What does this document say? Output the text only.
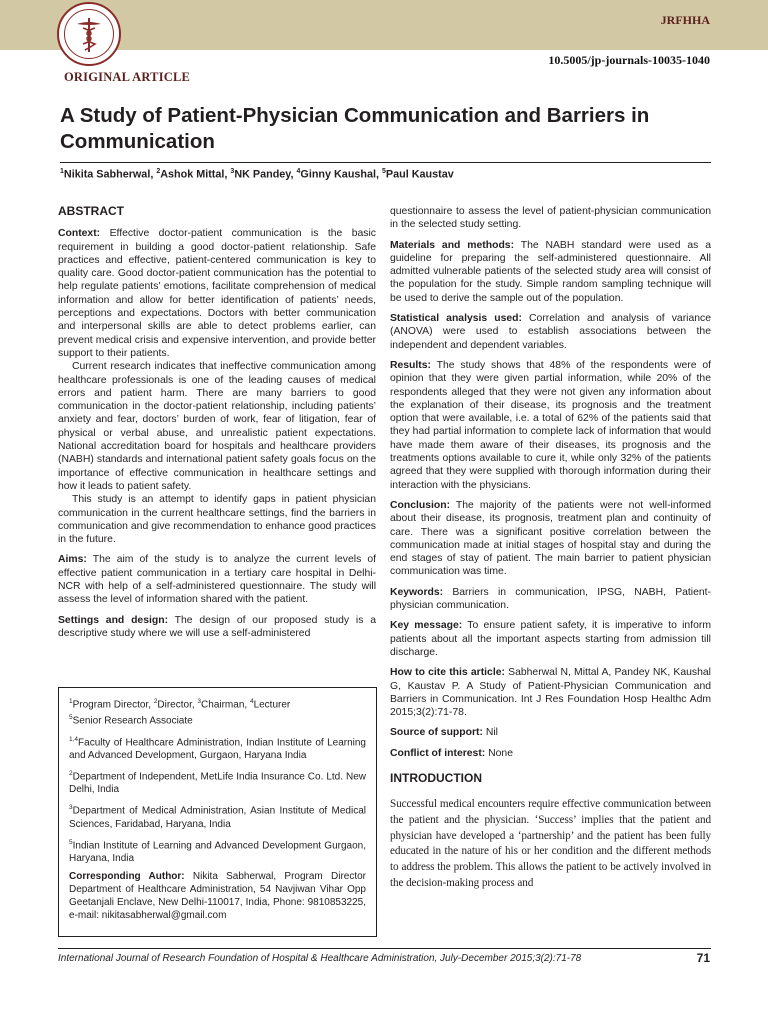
JRFHHA
10.5005/jp-journals-10035-1040
ORIGINAL ARTICLE
A Study of Patient-Physician Communication and Barriers in Communication
$^1$Nikita Sabherwal, $^2$Ashok Mittal, $^3$NK Pandey, $^4$Ginny Kaushal, $^5$Paul Kaustav

ABSTRACT

Context: Effective doctor-patient communication is the basic requirement in building a good doctor-patient relationship. Safe practices and effective, patient-centered communication is key to quality care. Good doctor-patient communication has the potential to help regulate patients’ emotions, facilitate comprehension of medical information and allow for better identification of patients’ needs, perceptions and expectations. Doctors with better communication and interpersonal skills are able to detect problems earlier, can prevent medical crisis and expensive intervention, and provide better support to their patients.

Current research indicates that ineffective communication among healthcare professionals is one of the leading causes of medical errors and patient harm. There are many barriers to good communication in the doctor-patient relationship, including patients’ anxiety and fear, doctors’ burden of work, fear of litigation, fear of physical or verbal abuse, and unrealistic patient expectations. National accreditation board for hospitals and healthcare providers (NABH) standards and international patient safety goals focus on the importance of effective communication in healthcare settings and how it leads to patient safety.

This study is an attempt to identify gaps in patient physician communication in the current healthcare settings, find the barriers in communication and give recommendation to enhance good practices in the future.

Aims: The aim of the study is to analyze the current levels of effective patient communication in a tertiary care hospital in Delhi-NCR with help of a self-administered questionnaire. The study will assess the level of information shared with the patient.

Settings and design: The design of our proposed study is a descriptive study where we will use a self-administered

$^1$Program Director, $^2$Director, $^3$Chairman, $^4$Lecturer
$^5$Senior Research Associate

$^{1,4}$Faculty of Healthcare Administration, Indian Institute of Learning and Advanced Development, Gurgaon, Haryana India

$^2$Department of Independent, MetLife India Insurance Co. Ltd. New Delhi, India

$^3$Department of Medical Administration, Asian Institute of Medical Sciences, Faridabad, Haryana, India

$^5$Indian Institute of Learning and Advanced Development Gurgaon, Haryana, India

Corresponding Author: Nikita Sabherwal, Program Director Department of Healthcare Administration, 54 Navjiwan Vihar Opp Geetanjali Enclave, New Delhi-110017, India, Phone: 9810853225, e-mail: nikitasabherwal@gmail.com

questionnaire to assess the level of patient-physician communication in the selected study setting.

Materials and methods: The NABH standard were used as a guideline for preparing the self-administered questionnaire. All admitted vulnerable patients of the selected study area will consist of the population for the study. Simple random sampling technique will be used to derive the sample out of the population.

Statistical analysis used: Correlation and analysis of variance (ANOVA) were used to establish associations between the independent and dependent variables.

Results: The study shows that 48% of the respondents were of opinion that they were given partial information, while 20% of the respondents alleged that they were not given any information about the explanation of their disease, its prognosis and the treatment option that were available, i.e. a total of 62% of the patients said that they had partial information to complete lack of information that would have made them aware of their diseases, its prognosis and the treatments options available to cure it, while only 32% of the patients agreed that they were supplied with thorough information during their interaction with the physicians.

Conclusion: The majority of the patients were not well-informed about their disease, its prognosis, treatment plan and continuity of care. There was a significant positive correlation between the communication made at initial stages of hospital stay and during the end stages of stay of patient. The main barrier to patient physician communication was time.

Keywords: Barriers in communication, IPSG, NABH, Patient-physician communication.

Key message: To ensure patient safety, it is imperative to inform patients about all the important aspects starting from admission till discharge.

How to cite this article: Sabherwal N, Mittal A, Pandey NK, Kaushal G, Kaustav P. A Study of Patient-Physician Communication and Barriers in Communication. Int J Res Foundation Hosp Healthc Adm 2015;3(2):71-78.

Source of support: Nil

Conflict of interest: None

INTRODUCTION

Successful medical encounters require effective communication between the patient and the physician. ‘Success’ implies that the patient and physician have developed a ‘partnership’ and the patient has been fully educated in the nature of his or her condition and the different methods to address the problem. This allows the patient to be actively involved in the decision-making process and

International Journal of Research Foundation of Hospital & Healthcare Administration, July-December 2015;3(2):71-78	71
